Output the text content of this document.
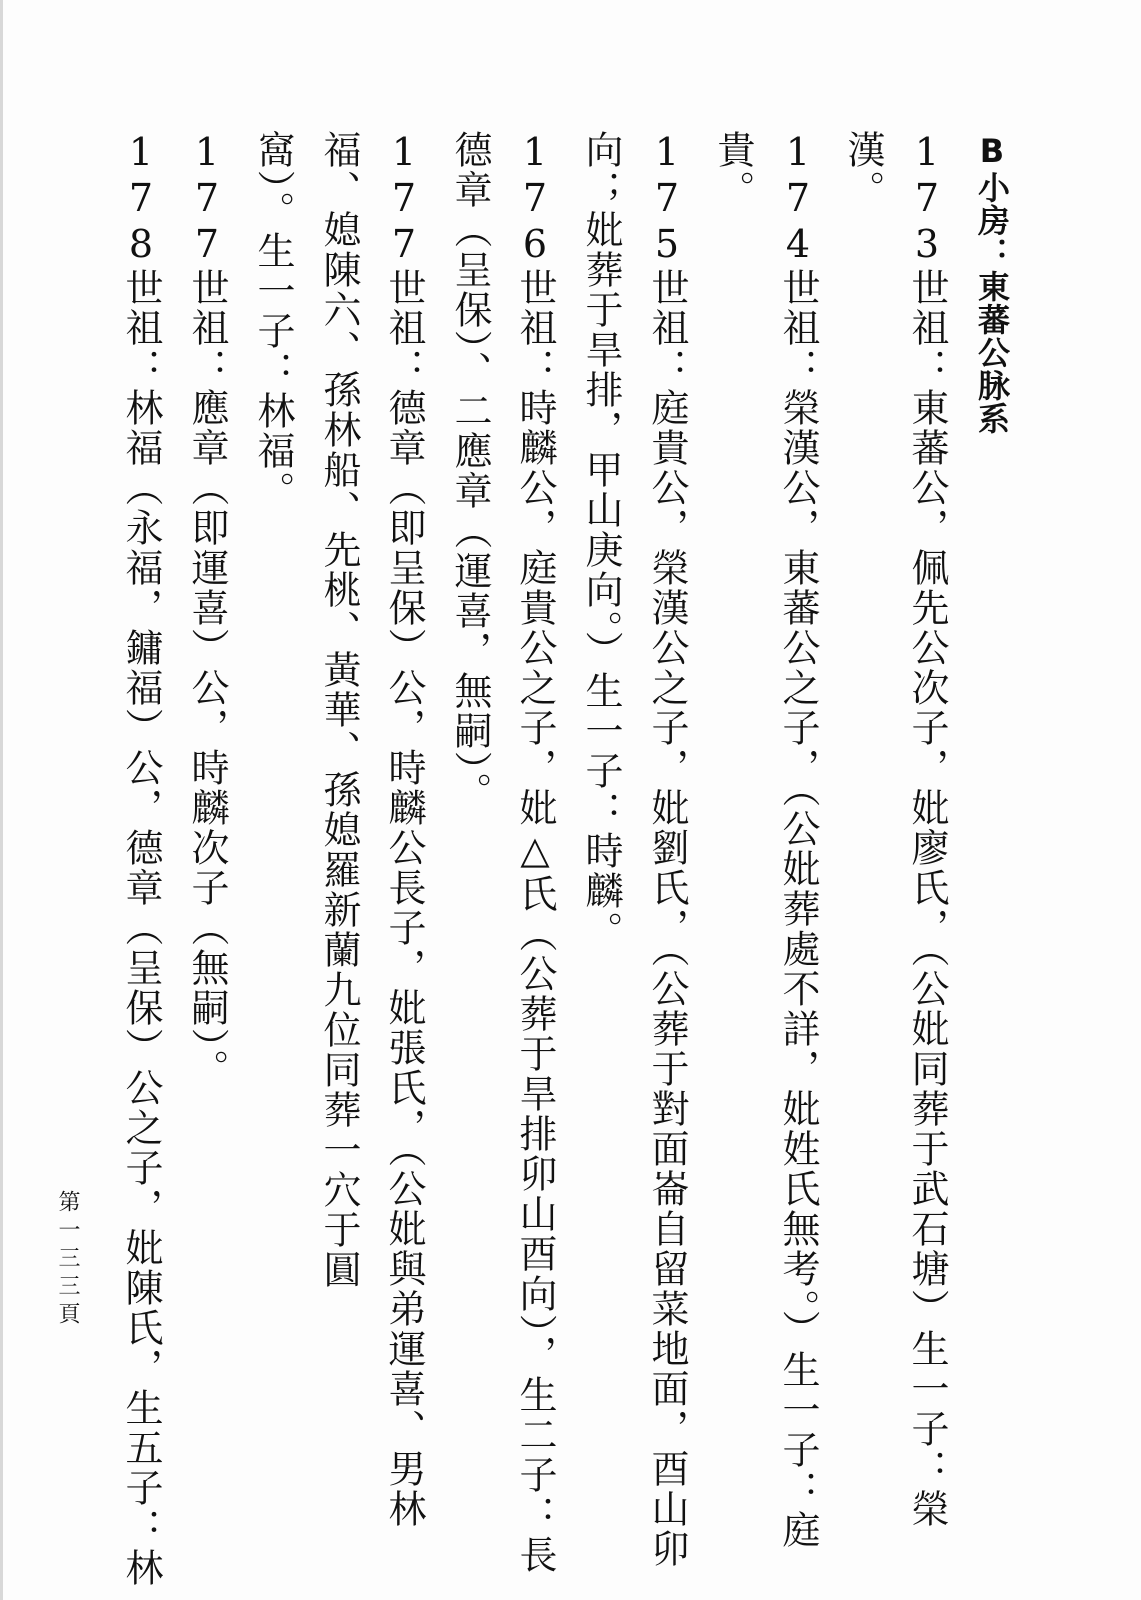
B小房：東蕃公脉系
173世祖：東蕃公，佩先公次子，妣廖氏，（公妣同葬于武石塘）生一子：榮
漢。
174世祖：榮漢公，東蕃公之子，（公妣葬處不詳，妣姓氏無考。）生一子：庭
貴。
175世祖：庭貴公，榮漢公之子，妣劉氏，（公葬于對面崙自留菜地面，酉山卯
向；妣葬于旱排，甲山庚向。）生一子：時麟。
176世祖：時麟公，庭貴公之子，妣△氏（公葬于旱排卯山酉向），生二子：長
德章（呈保）、二應章（運喜，無嗣）。
177世祖：德章（即呈保）公，時麟公長子，妣張氏，（公妣與弟運喜、男林
福、媳陳六、孫林船、先桃、黃華、孫媳羅新蘭九位同葬一穴于圓
窩）。生一子：林福。
177世祖：應章（即運喜）公，時麟次子（無嗣）。
178世祖：林福（永福，鏞福）公，德章（呈保）公之子，妣陳氏，生五子：林
第一三三頁
